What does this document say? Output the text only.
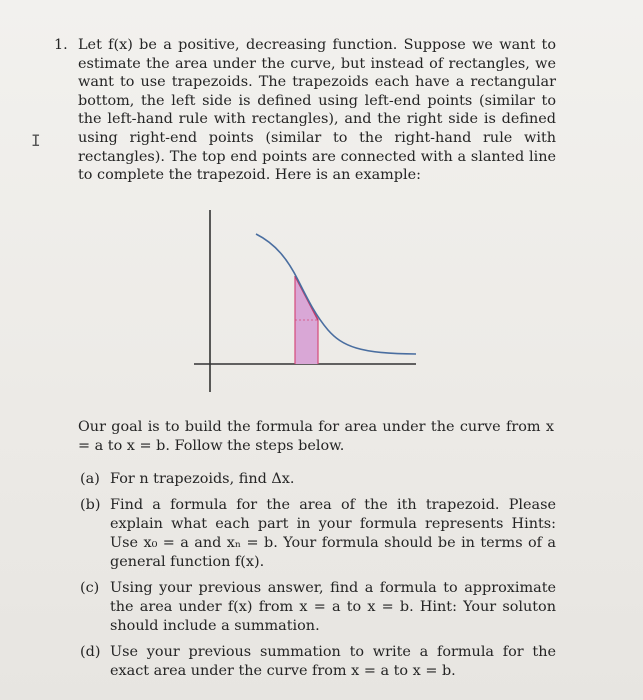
I
1. Let f(x) be a positive, decreasing function. Suppose we want to estimate the area under the curve, but instead of rectangles, we want to use trapezoids. The trapezoids each have a rectangular bottom, the left side is defined using left-end points (similar to the left-hand rule with rectangles), and the right side is defined using right-end points (similar to the right-hand rule with rectangles). The top end points are connected with a slanted line to complete the trapezoid. Here is an example:
Our goal is to build the formula for area under the curve from x = a to x = b. Follow the steps below.
(a) For n trapezoids, find Δx.
(b) Find a formula for the area of the ith trapezoid. Please explain what each part in your formula represents Hints: Use x₀ = a and xₙ = b. Your formula should be in terms of a general function f(x).
(c) Using your previous answer, find a formula to approximate the area under f(x) from x = a to x = b. Hint: Your soluton should include a summation.
(d) Use your previous summation to write a formula for the exact area under the curve from x = a to x = b.
